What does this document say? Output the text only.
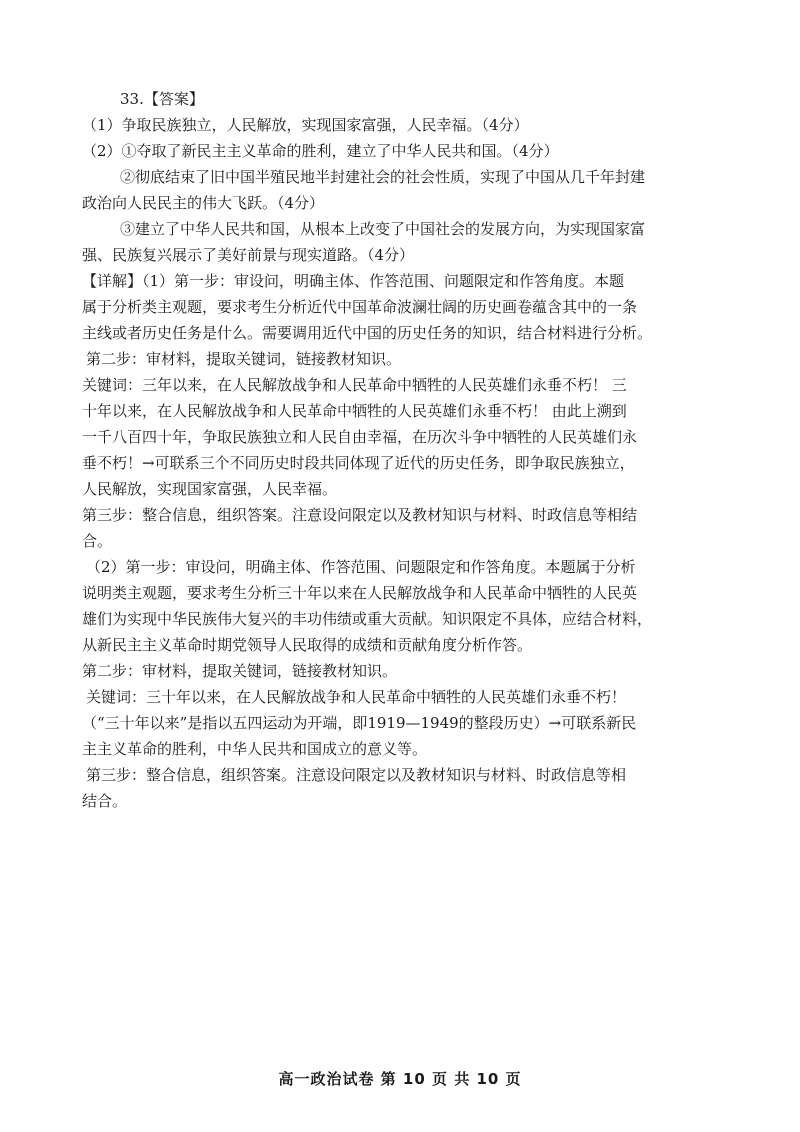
33.【答案】

（1）争取民族独立，人民解放，实现国家富强，人民幸福。（4分）

（2）①夺取了新民主主义革命的胜利，建立了中华人民共和国。（4分）

②彻底结束了旧中国半殖民地半封建社会的社会性质，实现了中国从几千年封建

政治向人民民主的伟大飞跃。（4分）

③建立了中华人民共和国，从根本上改变了中国社会的发展方向，为实现国家富

强、民族复兴展示了美好前景与现实道路。（4分）

【详解】（1）第一步：审设问，明确主体、作答范围、问题限定和作答角度。本题

属于分析类主观题，要求考生分析近代中国革命波澜壮阔的历史画卷蕴含其中的一条

主线或者历史任务是什么。需要调用近代中国的历史任务的知识，结合材料进行分析。

第二步：审材料，提取关键词，链接教材知识。

关键词：三年以来，在人民解放战争和人民革命中牺牲的人民英雄们永垂不朽！ 三

十年以来，在人民解放战争和人民革命中牺牲的人民英雄们永垂不朽！ 由此上溯到

一千八百四十年，争取民族独立和人民自由幸福，在历次斗争中牺牲的人民英雄们永

垂不朽！→可联系三个不同历史时段共同体现了近代的历史任务，即争取民族独立，

人民解放，实现国家富强，人民幸福。

第三步：整合信息，组织答案。注意设问限定以及教材知识与材料、时政信息等相结

合。

（2）第一步：审设问，明确主体、作答范围、问题限定和作答角度。本题属于分析

说明类主观题，要求考生分析三十年以来在人民解放战争和人民革命中牺牲的人民英

雄们为实现中华民族伟大复兴的丰功伟绩或重大贡献。知识限定不具体，应结合材料，

从新民主主义革命时期党领导人民取得的成绩和贡献角度分析作答。

第二步：审材料，提取关键词，链接教材知识。

关键词：三十年以来，在人民解放战争和人民革命中牺牲的人民英雄们永垂不朽！

（“三十年以来”是指以五四运动为开端，即1919—1949的整段历史）→可联系新民

主主义革命的胜利，中华人民共和国成立的意义等。

第三步：整合信息，组织答案。注意设问限定以及教材知识与材料、时政信息等相

结合。

高一政治试卷 第 10 页 共 10 页
